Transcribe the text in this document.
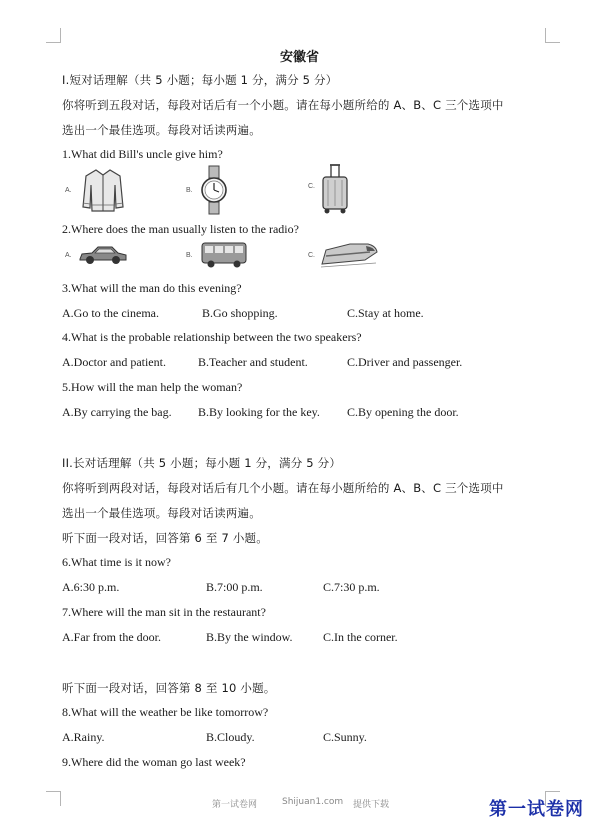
安徽省
I.短对话理解（共 5 小题；每小题 1 分，满分 5 分）
你将听到五段对话，每段对话后有一个小题。请在每小题所给的 A、B、C 三个选项中
选出一个最佳选项。每段对话读两遍。
1.What did Bill's uncle give him?
A.	B.
C.
2.Where does the man usually listen to the radio?
A.	B.	C.
3.What will the man do this evening?
A.Go to the cinema.	B.Go shopping.	C.Stay at home.
4.What is the probable relationship between the two speakers?
A.Doctor and patient.	B.Teacher and student.	C.Driver and passenger.
5.How will the man help the woman?
A.By carrying the bag. B.By looking for the key. C.By opening the door.
II.长对话理解（共 5 小题；每小题 1 分，满分 5 分）
你将听到两段对话，每段对话后有几个小题。请在每小题所给的 A、B、C 三个选项中
选出一个最佳选项。每段对话读两遍。
听下面一段对话，回答第 6 至 7 小题。
6.What time is it now?
A.6:30 p.m.	B.7:00 p.m.	C.7:30 p.m.
7.Where will the man sit in the restaurant?
A.Far from the door.	B.By the window.	C.In the corner.
听下面一段对话，回答第 8 至 10 小题。
8.What will the weather be like tomorrow?
A.Rainy.	B.Cloudy.	C.Sunny.
9.Where did the woman go last week?
第一试卷网	Shijuan1.com 提供下载	第一试卷网
